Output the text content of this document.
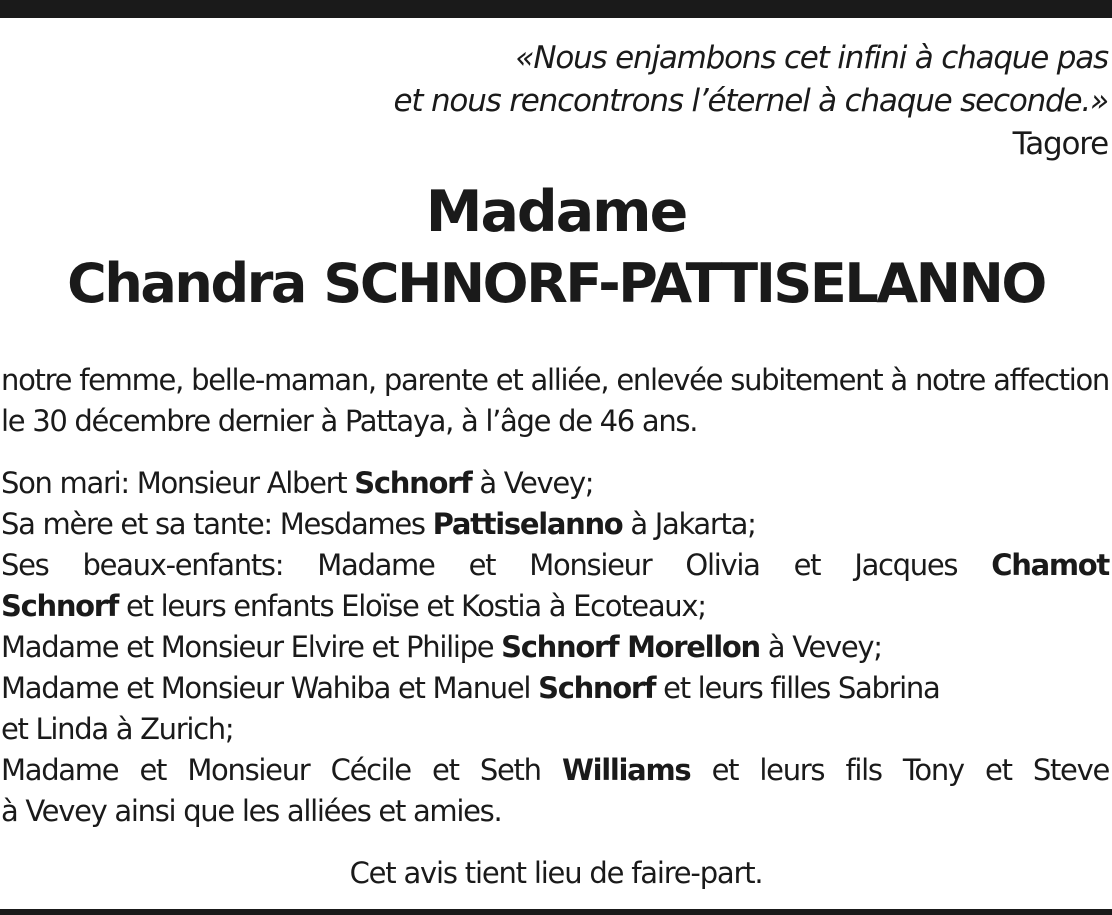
«Nous enjambons cet infini à chaque pas
et nous rencontrons l’éternel à chaque seconde.»
Tagore
Madame
Chandra SCHNORF-PATTISELANNO

notre femme, belle-maman, parente et alliée, enlevée subitement à notre affection le 30 décembre dernier à Pattaya, à l’âge de 46 ans.

Son mari: Monsieur Albert Schnorf à Vevey;
Sa mère et sa tante: Mesdames Pattiselanno à Jakarta;
Ses beaux-enfants: Madame et Monsieur Olivia et Jacques Chamot
Schnorf et leurs enfants Eloïse et Kostia à Ecoteaux;
Madame et Monsieur Elvire et Philipe Schnorf Morellon à Vevey;
Madame et Monsieur Wahiba et Manuel Schnorf et leurs filles Sabrina
et Linda à Zurich;
Madame et Monsieur Cécile et Seth Williams et leurs fils Tony et Steve
à Vevey ainsi que les alliées et amies.
Cet avis tient lieu de faire-part.
